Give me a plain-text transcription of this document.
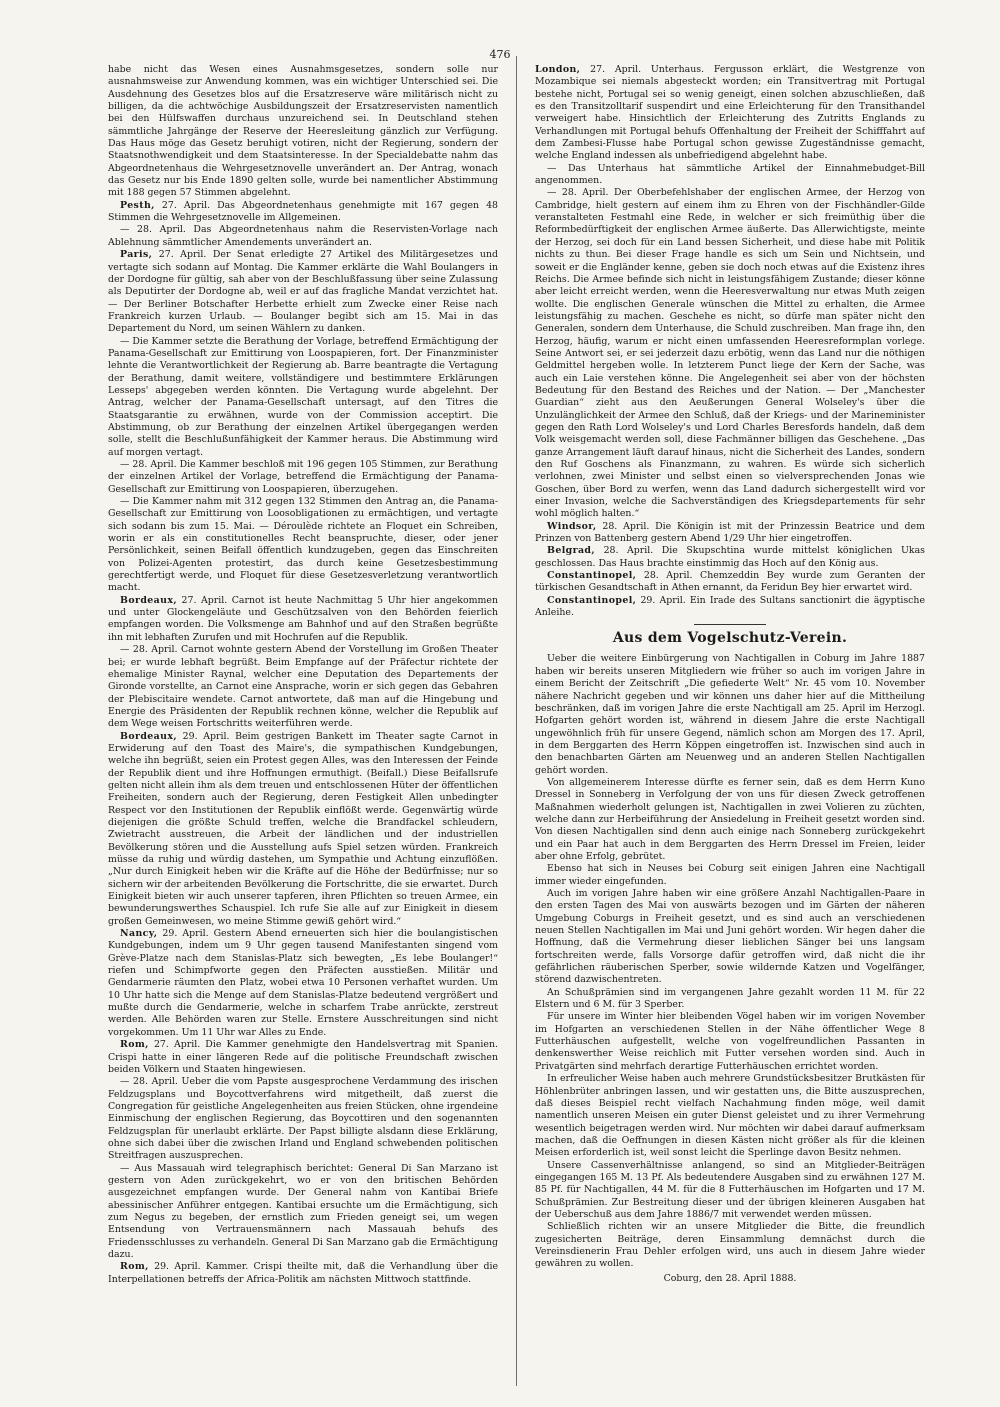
476

habe nicht das Wesen eines Ausnahmsgesetzes, sondern solle nur ausnahmsweise zur Anwendung kommen, was ein wichtiger Unterschied sei. Die Ausdehnung des Gesetzes blos auf die Ersatzreserve wäre militärisch nicht zu billigen, da die achtwöchige Ausbildungszeit der Ersatzreservisten namentlich bei den Hülfswaffen durchaus unzureichend sei. In Deutschland stehen sämmtliche Jahrgänge der Reserve der Heeresleitung gänzlich zur Verfügung. Das Haus möge das Gesetz beruhigt votiren, nicht der Regierung, sondern der Staatsnothwendigkeit und dem Staatsinteresse. In der Specialdebatte nahm das Abgeordnetenhaus die Wehrgesetznovelle unverändert an. Der Antrag, wonach das Gesetz nur bis Ende 1890 gelten solle, wurde bei namentlicher Abstimmung mit 188 gegen 57 Stimmen abgelehnt.

Pesth, 27. April. Das Abgeordnetenhaus genehmigte mit 167 gegen 48 Stimmen die Wehrgesetznovelle im Allgemeinen.

— 28. April. Das Abgeordnetenhaus nahm die Reservisten-Vorlage nach Ablehnung sämmtlicher Amendements unverändert an.

Paris, 27. April. Der Senat erledigte 27 Artikel des Militärgesetzes und vertagte sich sodann auf Montag. Die Kammer erklärte die Wahl Boulangers in der Dordogne für gültig, sah aber von der Beschlußfassung über seine Zulassung als Deputirter der Dordogne ab, weil er auf das fragliche Mandat verzichtet hat. — Der Berliner Botschafter Herbette erhielt zum Zwecke einer Reise nach Frankreich kurzen Urlaub. — Boulanger begibt sich am 15. Mai in das Departement du Nord, um seinen Wählern zu danken.

— Die Kammer setzte die Berathung der Vorlage, betreffend Ermächtigung der Panama-Gesellschaft zur Emittirung von Loospapieren, fort. Der Finanzminister lehnte die Verantwortlichkeit der Regierung ab. Barre beantragte die Vertagung der Berathung, damit weitere, vollständigere und bestimmtere Erklärungen Lesseps' abgegeben werden könnten. Die Vertagung wurde abgelehnt. Der Antrag, welcher der Panama-Gesellschaft untersagt, auf den Titres die Staatsgarantie zu erwähnen, wurde von der Commission acceptirt. Die Abstimmung, ob zur Berathung der einzelnen Artikel übergegangen werden solle, stellt die Beschlußunfähigkeit der Kammer heraus. Die Abstimmung wird auf morgen vertagt.

— 28. April. Die Kammer beschloß mit 196 gegen 105 Stimmen, zur Berathung der einzelnen Artikel der Vorlage, betreffend die Ermächtigung der Panama-Gesellschaft zur Emittirung von Loospapieren, überzugehen.

— Die Kammer nahm mit 312 gegen 132 Stimmen den Antrag an, die Panama-Gesellschaft zur Emittirung von Loosobligationen zu ermächtigen, und vertagte sich sodann bis zum 15. Mai. — Déroulède richtete an Floquet ein Schreiben, worin er als ein constitutionelles Recht beanspruchte, dieser, oder jener Persönlichkeit, seinen Beifall öffentlich kundzugeben, gegen das Einschreiten von Polizei-Agenten protestirt, das durch keine Gesetzesbestimmung gerechtfertigt werde, und Floquet für diese Gesetzesverletzung verantwortlich macht.

Bordeaux, 27. April. Carnot ist heute Nachmittag 5 Uhr hier angekommen und unter Glockengeläute und Geschützsalven von den Behörden feierlich empfangen worden. Die Volksmenge am Bahnhof und auf den Straßen begrüßte ihn mit lebhaften Zurufen und mit Hochrufen auf die Republik.

— 28. April. Carnot wohnte gestern Abend der Vorstellung im Großen Theater bei; er wurde lebhaft begrüßt. Beim Empfange auf der Präfectur richtete der ehemalige Minister Raynal, welcher eine Deputation des Departements der Gironde vorstellte, an Carnot eine Ansprache, worin er sich gegen das Gebahren der Plebiscitaire wendete. Carnot antwortete, daß man auf die Hingebung und Energie des Präsidenten der Republik rechnen könne, welcher die Republik auf dem Wege weisen Fortschritts weiterführen werde.

Bordeaux, 29. April. Beim gestrigen Bankett im Theater sagte Carnot in Erwiderung auf den Toast des Maire's, die sympathischen Kundgebungen, welche ihn begrüßt, seien ein Protest gegen Alles, was den Interessen der Feinde der Republik dient und ihre Hoffnungen ermuthigt. (Beifall.) Diese Beifallsrufe gelten nicht allein ihm als dem treuen und entschlossenen Hüter der öffentlichen Freiheiten, sondern auch der Regierung, deren Festigkeit Allen unbedingter Respect vor den Institutionen der Republik einflößt werde. Gegenwärtig würde diejenigen die größte Schuld treffen, welche die Brandfackel schleudern, Zwietracht ausstreuen, die Arbeit der ländlichen und der industriellen Bevölkerung stören und die Ausstellung aufs Spiel setzen würden. Frankreich müsse da ruhig und würdig dastehen, um Sympathie und Achtung einzuflößen. „Nur durch Einigkeit heben wir die Kräfte auf die Höhe der Bedürfnisse; nur so sichern wir der arbeitenden Bevölkerung die Fortschritte, die sie erwartet. Durch Einigkeit bieten wir auch unserer tapferen, ihren Pflichten so treuen Armee, ein bewunderungswerthes Schauspiel. Ich rufe Sie alle auf zur Einigkeit in diesem großen Gemeinwesen, wo meine Stimme gewiß gehört wird.“

Nancy, 29. April. Gestern Abend erneuerten sich hier die boulangistischen Kundgebungen, indem um 9 Uhr gegen tausend Manifestanten singend vom Grève-Platze nach dem Stanislas-Platz sich bewegten, „Es lebe Boulanger!“ riefen und Schimpfworte gegen den Präfecten ausstießen. Militär und Gendarmerie räumten den Platz, wobei etwa 10 Personen verhaftet wurden. Um 10 Uhr hatte sich die Menge auf dem Stanislas-Platze bedeutend vergrößert und mußte durch die Gendarmerie, welche in scharfem Trabe anrückte, zerstreut werden. Alle Behörden waren zur Stelle. Ernstere Ausschreitungen sind nicht vorgekommen. Um 11 Uhr war Alles zu Ende.

Rom, 27. April. Die Kammer genehmigte den Handelsvertrag mit Spanien. Crispi hatte in einer längeren Rede auf die politische Freundschaft zwischen beiden Völkern und Staaten hingewiesen.

— 28. April. Ueber die vom Papste ausgesprochene Verdammung des irischen Feldzugsplans und Boycottverfahrens wird mitgetheilt, daß zuerst die Congregation für geistliche Angelegenheiten aus freien Stücken, ohne irgendeine Einmischung der englischen Regierung, das Boycottiren und den sogenannten Feldzugsplan für unerlaubt erklärte. Der Papst billigte alsdann diese Erklärung, ohne sich dabei über die zwischen Irland und England schwebenden politischen Streitfragen auszusprechen.

— Aus Massauah wird telegraphisch berichtet: General Di San Marzano ist gestern von Aden zurückgekehrt, wo er von den britischen Behörden ausgezeichnet empfangen wurde. Der General nahm von Kantibai Briefe abessinischer Anführer entgegen. Kantibai ersuchte um die Ermächtigung, sich zum Negus zu begeben, der ernstlich zum Frieden geneigt sei, um wegen Entsendung von Vertrauensmännern nach Massauah behufs des Friedensschlusses zu verhandeln. General Di San Marzano gab die Ermächtigung dazu.

Rom, 29. April. Kammer. Crispi theilte mit, daß die Verhandlung über die Interpellationen betreffs der Africa-Politik am nächsten Mittwoch stattfinde.

London, 27. April. Unterhaus. Fergusson erklärt, die Westgrenze von Mozambique sei niemals abgesteckt worden; ein Transitvertrag mit Portugal bestehe nicht, Portugal sei so wenig geneigt, einen solchen abzuschließen, daß es den Transitzolltarif suspendirt und eine Erleichterung für den Transithandel verweigert habe. Hinsichtlich der Erleichterung des Zutritts Englands zu Verhandlungen mit Portugal behufs Offenhaltung der Freiheit der Schifffahrt auf dem Zambesi-Flusse habe Portugal schon gewisse Zugeständnisse gemacht, welche England indessen als unbefriedigend abgelehnt habe.

— Das Unterhaus hat sämmtliche Artikel der Einnahmebudget-Bill angenommen.

— 28. April. Der Oberbefehlshaber der englischen Armee, der Herzog von Cambridge, hielt gestern auf einem ihm zu Ehren von der Fischhändler-Gilde veranstalteten Festmahl eine Rede, in welcher er sich freimüthig über die Reformbedürftigkeit der englischen Armee äußerte. Das Allerwichtigste, meinte der Herzog, sei doch für ein Land bessen Sicherheit, und diese habe mit Politik nichts zu thun. Bei dieser Frage handle es sich um Sein und Nichtsein, und soweit er die Engländer kenne, geben sie doch noch etwas auf die Existenz ihres Reichs. Die Armee befinde sich nicht in leistungsfähigem Zustande; dieser könne aber leicht erreicht werden, wenn die Heeresverwaltung nur etwas Muth zeigen wollte. Die englischen Generale wünschen die Mittel zu erhalten, die Armee leistungsfähig zu machen. Geschehe es nicht, so dürfe man später nicht den Generalen, sondern dem Unterhause, die Schuld zuschreiben. Man frage ihn, den Herzog, häufig, warum er nicht einen umfassenden Heeresreformplan vorlege. Seine Antwort sei, er sei jederzeit dazu erbötig, wenn das Land nur die nöthigen Geldmittel hergeben wolle. In letzterem Punct liege der Kern der Sache, was auch ein Laie verstehen könne. Die Angelegenheit sei aber von der höchsten Bedeutung für den Bestand des Reiches und der Nation. — Der „Manchester Guardian“ zieht aus den Aeußerungen General Wolseley's über die Unzulänglichkeit der Armee den Schluß, daß der Kriegs- und der Marineminister gegen den Rath Lord Wolseley's und Lord Charles Beresfords handeln, daß dem Volk weisgemacht werden soll, diese Fachmänner billigen das Geschehene. „Das ganze Arrangement läuft darauf hinaus, nicht die Sicherheit des Landes, sondern den Ruf Goschens als Finanzmann, zu wahren. Es würde sich sicherlich verlohnen, zwei Minister und selbst einen so vielversprechenden Jonas wie Goschen, über Bord zu werfen, wenn das Land dadurch sichergestellt wird vor einer Invasion, welche die Sachverständigen des Kriegsdepartements für sehr wohl möglich halten.“

Windsor, 28. April. Die Königin ist mit der Prinzessin Beatrice und dem Prinzen von Battenberg gestern Abend 1/29 Uhr hier eingetroffen.

Belgrad, 28. April. Die Skupschtina wurde mittelst königlichen Ukas geschlossen. Das Haus brachte einstimmig das Hoch auf den König aus.

Constantinopel, 28. April. Chemzeddin Bey wurde zum Geranten der türkischen Gesandtschaft in Athen ernannt, da Feridun Bey hier erwartet wird.

Constantinopel, 29. April. Ein Irade des Sultans sanctionirt die ägyptische Anleihe.

Aus dem Vogelschutz-Verein.

Ueber die weitere Einbürgerung von Nachtigallen in Coburg im Jahre 1887 haben wir bereits unseren Mitgliedern wie früher so auch im vorigen Jahre in einem Bericht der Zeitschrift „Die gefiederte Welt“ Nr. 45 vom 10. November nähere Nachricht gegeben und wir können uns daher hier auf die Mittheilung beschränken, daß im vorigen Jahre die erste Nachtigall am 25. April im Herzogl. Hofgarten gehört worden ist, während in diesem Jahre die erste Nachtigall ungewöhnlich früh für unsere Gegend, nämlich schon am Morgen des 17. April, in dem Berggarten des Herrn Köppen eingetroffen ist. Inzwischen sind auch in den benachbarten Gärten am Neuenweg und an anderen Stellen Nachtigallen gehört worden.

Von allgemeinerem Interesse dürfte es ferner sein, daß es dem Herrn Kuno Dressel in Sonneberg in Verfolgung der von uns für diesen Zweck getroffenen Maßnahmen wiederholt gelungen ist, Nachtigallen in zwei Volieren zu züchten, welche dann zur Herbeiführung der Ansiedelung in Freiheit gesetzt worden sind. Von diesen Nachtigallen sind denn auch einige nach Sonneberg zurückgekehrt und ein Paar hat auch in dem Berggarten des Herrn Dressel im Freien, leider aber ohne Erfolg, gebrütet.

Ebenso hat sich in Neuses bei Coburg seit einigen Jahren eine Nachtigall immer wieder eingefunden.

Auch im vorigen Jahre haben wir eine größere Anzahl Nachtigallen-Paare in den ersten Tagen des Mai von auswärts bezogen und im Gärten der näheren Umgebung Coburgs in Freiheit gesetzt, und es sind auch an verschiedenen neuen Stellen Nachtigallen im Mai und Juni gehört worden. Wir hegen daher die Hoffnung, daß die Vermehrung dieser lieblichen Sänger bei uns langsam fortschreiten werde, falls Vorsorge dafür getroffen wird, daß nicht die ihr gefährlichen räuberischen Sperber, sowie wildernde Katzen und Vogelfänger, störend dazwischentreten.

An Schußprämien sind im vergangenen Jahre gezahlt worden 11 M. für 22 Elstern und 6 M. für 3 Sperber.

Für unsere im Winter hier bleibenden Vögel haben wir im vorigen November im Hofgarten an verschiedenen Stellen in der Nähe öffentlicher Wege 8 Futterhäuschen aufgestellt, welche von vogelfreundlichen Passanten in denkenswerther Weise reichlich mit Futter versehen worden sind. Auch in Privatgärten sind mehrfach derartige Futterhäuschen errichtet worden.

In erfreulicher Weise haben auch mehrere Grundstücksbesitzer Brutkästen für Höhlenbrüter anbringen lassen, und wir gestatten uns, die Bitte auszusprechen, daß dieses Beispiel recht vielfach Nachahmung finden möge, weil damit namentlich unseren Meisen ein guter Dienst geleistet und zu ihrer Vermehrung wesentlich beigetragen werden wird. Nur möchten wir dabei darauf aufmerksam machen, daß die Oeffnungen in diesen Kästen nicht größer als für die kleinen Meisen erforderlich ist, weil sonst leicht die Sperlinge davon Besitz nehmen.

Unsere Cassenverhältnisse anlangend, so sind an Mitglieder-Beiträgen eingegangen 165 M. 13 Pf. Als bedeutendere Ausgaben sind zu erwähnen 127 M. 85 Pf. für Nachtigallen, 44 M. für die 8 Futterhäuschen im Hofgarten und 17 M. Schußprämien. Zur Bestreitung dieser und der übrigen kleineren Ausgaben hat der Ueberschuß aus dem Jahre 1886/7 mit verwendet werden müssen.

Schließlich richten wir an unsere Mitglieder die Bitte, die freundlich zugesicherten Beiträge, deren Einsammlung demnächst durch die Vereinsdienerin Frau Dehler erfolgen wird, uns auch in diesem Jahre wieder gewähren zu wollen.

Coburg, den 28. April 1888.
